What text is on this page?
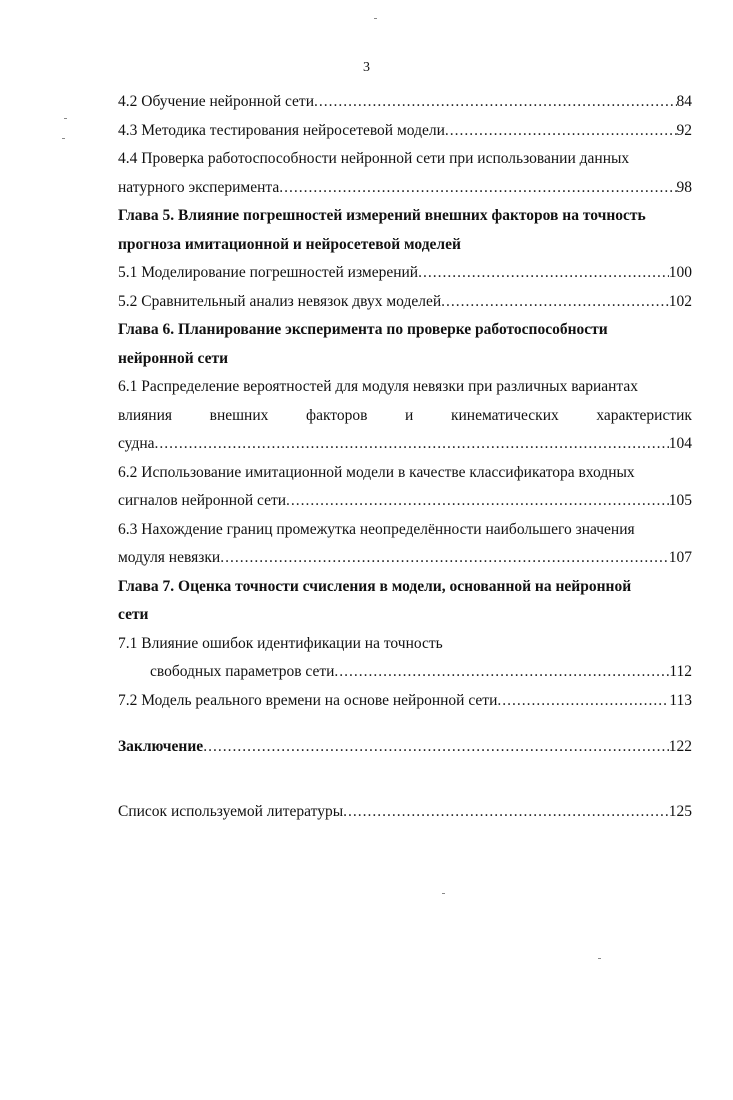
3
4.2 Обучение нейронной сети .....	84
4.3 Методика тестирования нейросетевой модели .....	92
4.4 Проверка работоспособности нейронной сети при использовании данных
натурного эксперимента .....	98
Глава 5. Влияние погрешностей измерений внешних факторов на точность
прогноза имитационной и нейросетевой моделей
5.1 Моделирование погрешностей измерений .....	100
5.2 Сравнительный анализ невязок двух моделей .....	102
Глава 6. Планирование эксперимента по проверке работоспособности
нейронной сети
6.1 Распределение вероятностей для модуля невязки при различных вариантах
влияния внешних факторов и кинематических характеристик
судна .....	104
6.2 Использование имитационной модели в качестве классификатора входных
сигналов нейронной сети .....	105
6.3 Нахождение границ промежутка неопределённости наибольшего значения
модуля невязки .....	107
Глава 7. Оценка точности счисления в модели, основанной на нейронной
сети
7.1 Влияние ошибок идентификации на точность
свободных параметров сети .....	112
7.2 Модель реального времени на основе нейронной сети .....	113
Заключение .....	122
Список используемой литературы .....	125
